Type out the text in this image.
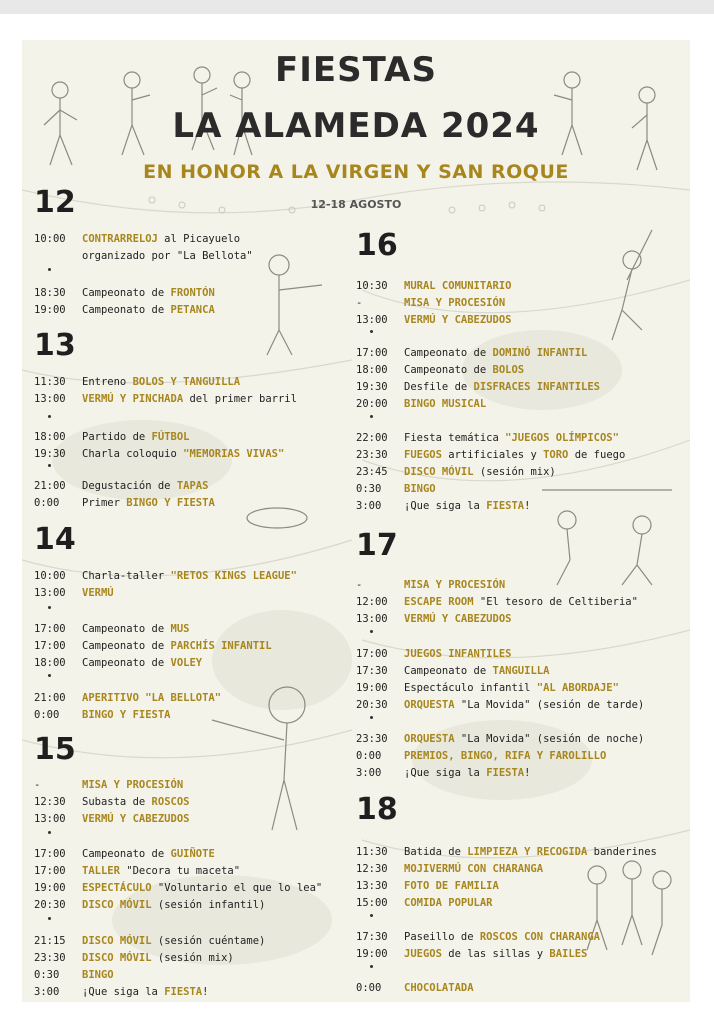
FIESTAS
LA ALAMEDA 2024
EN HONOR A LA VIRGEN Y SAN ROQUE
12-18 AGOSTO
12
10:00 CONTRARRELOJ al Picayuelo
organizado por "La Bellota"
18:30 Campeonato de FRONTÓN
19:00 Campeonato de PETANCA
13
11:30 Entreno BOLOS Y TANGUILLA
13:00 VERMÚ Y PINCHADA del primer barril
18:00 Partido de FÚTBOL
19:30 Charla coloquio "MEMORIAS VIVAS"
21:00 Degustación de TAPAS
0:00 Primer BINGO Y FIESTA
14
10:00 Charla-taller "RETOS KINGS LEAGUE"
13:00 VERMÚ
17:00 Campeonato de MUS
17:00 Campeonato de PARCHÍS INFANTIL
18:00 Campeonato de VOLEY
21:00 APERITIVO "LA BELLOTA"
0:00 BINGO Y FIESTA
15
-	MISA Y PROCESIÓN
12:30 Subasta de ROSCOS
13:00 VERMÚ Y CABEZUDOS
17:00 Campeonato de GUIÑOTE
17:00 TALLER "Decora tu maceta"
19:00 ESPECTÁCULO "Voluntario el que lo lea"
20:30 DISCO MÓVIL (sesión infantil)
21:15 DISCO MÓVIL (sesión cuéntame)
23:30 DISCO MÓVIL (sesión mix)
0:30 BINGO
3:00 ¡Que siga la FIESTA!
16
10:30 MURAL COMUNITARIO
-	MISA Y PROCESIÓN
13:00 VERMÚ Y CABEZUDOS
17:00 Campeonato de DOMINÓ INFANTIL
18:00 Campeonato de BOLOS
19:30 Desfile de DISFRACES INFANTILES
20:00 BINGO MUSICAL
22:00 Fiesta temática "JUEGOS OLÍMPICOS"
23:30 FUEGOS artificiales y TORO de fuego
23:45 DISCO MÓVIL (sesión mix)
0:30 BINGO
3:00 ¡Que siga la FIESTA!
17
-	MISA Y PROCESIÓN
12:00 ESCAPE ROOM "El tesoro de Celtiberia"
13:00 VERMÚ Y CABEZUDOS
17:00 JUEGOS INFANTILES
17:30 Campeonato de TANGUILLA
19:00 Espectáculo infantil "AL ABORDAJE"
20:30 ORQUESTA "La Movida" (sesión de tarde)
23:30 ORQUESTA "La Movida" (sesión de noche)
0:00 PREMIOS, BINGO, RIFA Y FAROLILLO
3:00 ¡Que siga la FIESTA!
18
11:30 Batida de LIMPIEZA Y RECOGIDA banderines
12:30 MOJIVERMÚ CON CHARANGA
13:30 FOTO DE FAMILIA
15:00 COMIDA POPULAR
17:30 Paseillo de ROSCOS CON CHARANGA
19:00 JUEGOS de las sillas y BAILES
0:00 CHOCOLATADA
